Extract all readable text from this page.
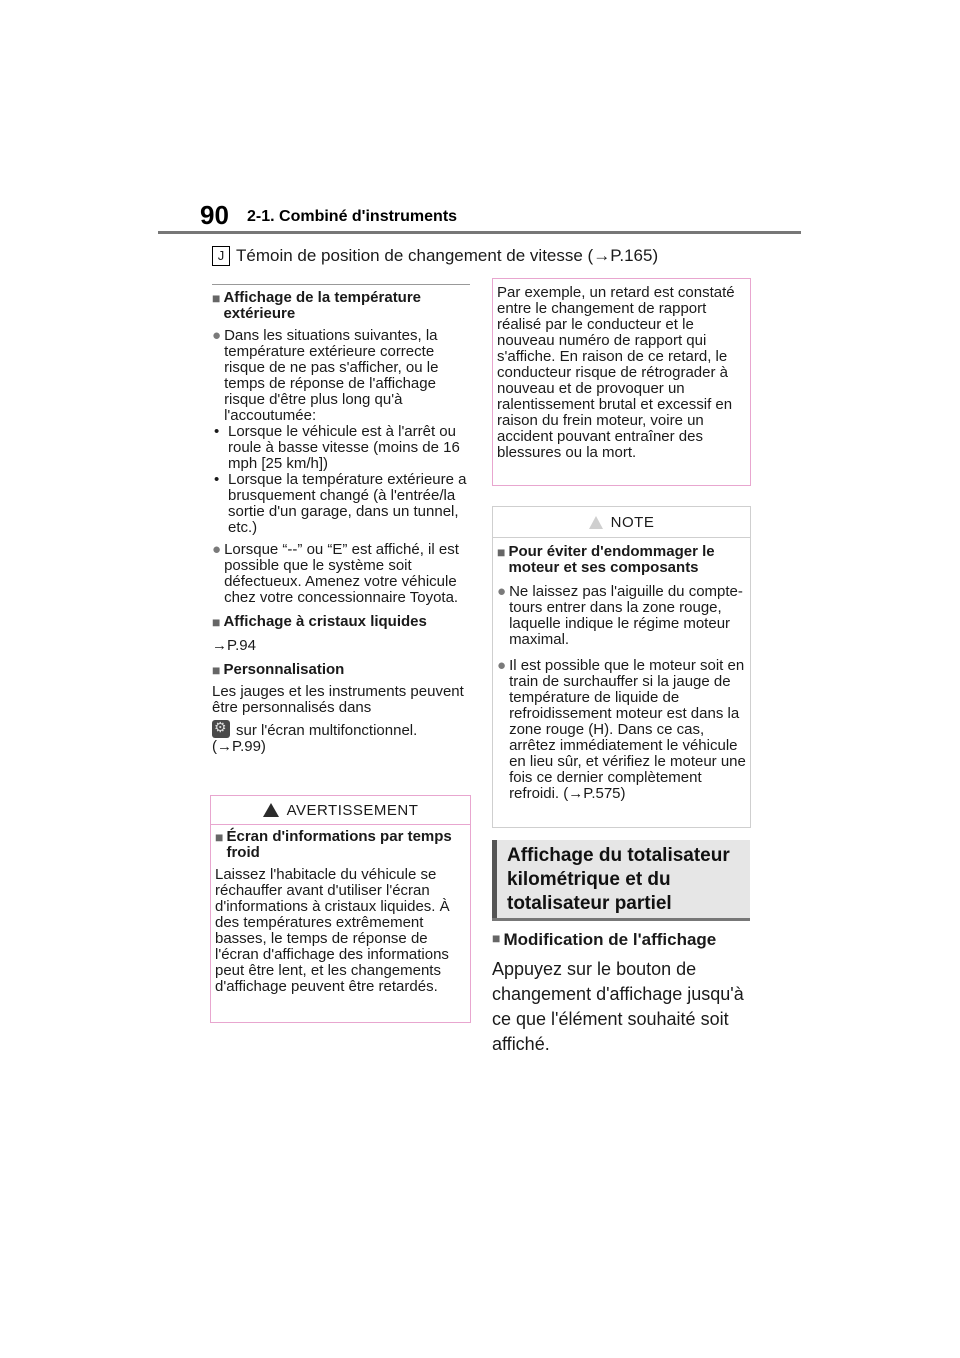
90 2-1. Combiné d'instruments
J Témoin de position de changement de vitesse (→P.165)
■ Affichage de la température extérieure
● Dans les situations suivantes, la température extérieure correcte risque de ne pas s'afficher, ou le temps de réponse de l'affichage risque d'être plus long qu'à l'accoutumée:
• Lorsque le véhicule est à l'arrêt ou roule à basse vitesse (moins de 16 mph [25 km/h])
• Lorsque la température extérieure a brusquement changé (à l'entrée/la sortie d'un garage, dans un tunnel, etc.)
● Lorsque “--” ou “E” est affiché, il est possible que le système soit défectueux. Amenez votre véhicule chez votre concessionnaire Toyota.
■ Affichage à cristaux liquides

→P.94

■ Personnalisation

Les jauges et les instruments peuvent être personnalisés dans

⚙sur l'écran multifonctionnel.

(→P.99)

AVERTISSEMENT
■ Écran d'informations par temps froid

Laissez l'habitacle du véhicule se réchauffer avant d'utiliser l'écran d'informations à cristaux liquides. À des températures extrêmement basses, le temps de réponse de l'écran d'affichage des informations peut être lent, et les changements d'affichage peuvent être retardés.

Par exemple, un retard est constaté entre le changement de rapport réalisé par le conducteur et le nouveau numéro de rapport qui s'affiche. En raison de ce retard, le conducteur risque de rétrograder à nouveau et de provoquer un ralentissement brutal et excessif en raison du frein moteur, voire un accident pouvant entraîner des blessures ou la mort.
NOTE
■ Pour éviter d'endommager le moteur et ses composants
● Ne laissez pas l'aiguille du compte-tours entrer dans la zone rouge, laquelle indique le régime moteur maximal.
● Il est possible que le moteur soit en train de surchauffer si la jauge de température de liquide de refroidissement moteur est dans la zone rouge (H). Dans ce cas, arrêtez immédiatement le véhicule en lieu sûr, et vérifiez le moteur une fois ce dernier complètement refroidi. (→P.575)
Affichage du totalisateur kilométrique et du totalisateur partiel
■ Modification de l'affichage
Appuyez sur le bouton de changement d'affichage jusqu'à ce que l'élément souhaité soit affiché.
